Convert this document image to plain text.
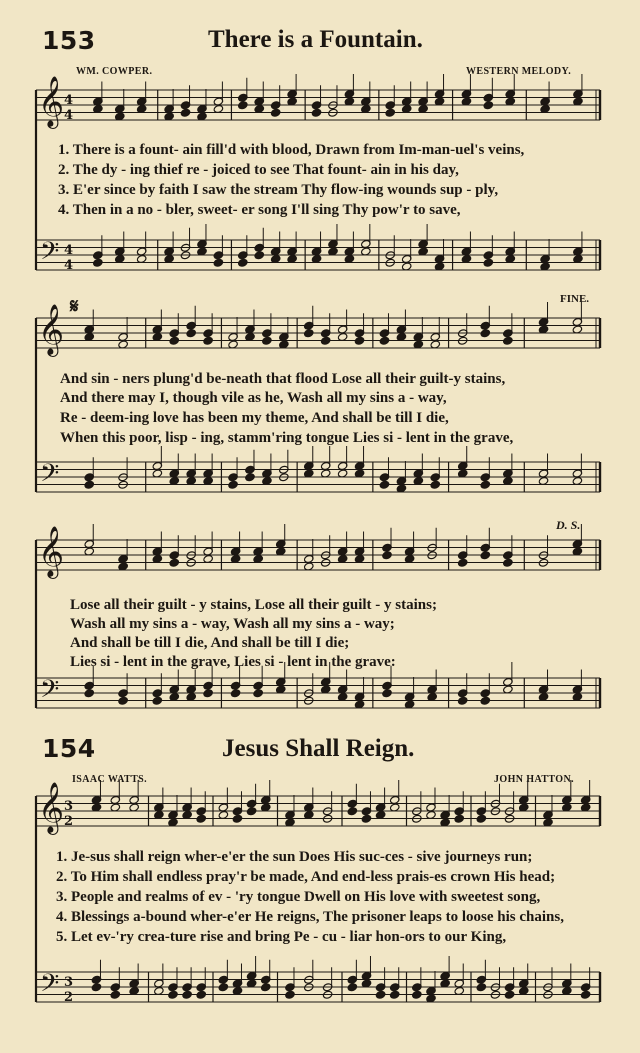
153	There is a Fountain.
WM. COWPER.	WESTERN MELODY.
𝄞
𝄢
4
4
4
4
𝄞
𝄢
𝄞
𝄢
𝄞
𝄢
3
2
3
2
1. There is a fount- ain fill'd with blood, Drawn from Im-man-uel's veins,
2. The dy - ing thief re - joiced to see That fount- ain in his day,
3. E'er since by faith I saw the stream Thy flow-ing wounds sup - ply,
4. Then in a no - bler, sweet- er song I'll sing Thy pow'r to save,
𝄋	FINE.
And sin - ners plung'd be-neath that flood Lose all their guilt-y stains,
And there may I, though vile as he, Wash all my sins a - way,
Re - deem-ing love has been my theme, And shall be till I die,
When this poor, lisp - ing, stamm'ring tongue Lies si - lent in the grave,
D. S.
Lose all their guilt - y stains, Lose all their guilt - y stains;
Wash all my sins a - way, Wash all my sins a - way;
And shall be till I die, And shall be till I die;
Lies si - lent in the grave, Lies si - lent in the grave:
154	Jesus Shall Reign.
ISAAC WATTS.	JOHN HATTON.
1. Je-sus shall reign wher-e'er the sun Does His suc-ces - sive journeys run;
2. To Him shall endless pray'r be made, And end-less prais-es crown His head;
3. People and realms of ev - 'ry tongue Dwell on His love with sweetest song,
4. Blessings a-bound wher-e'er He reigns, The prisoner leaps to loose his chains,
5. Let ev-'ry crea-ture rise and bring Pe - cu - liar hon-ors to our King,
